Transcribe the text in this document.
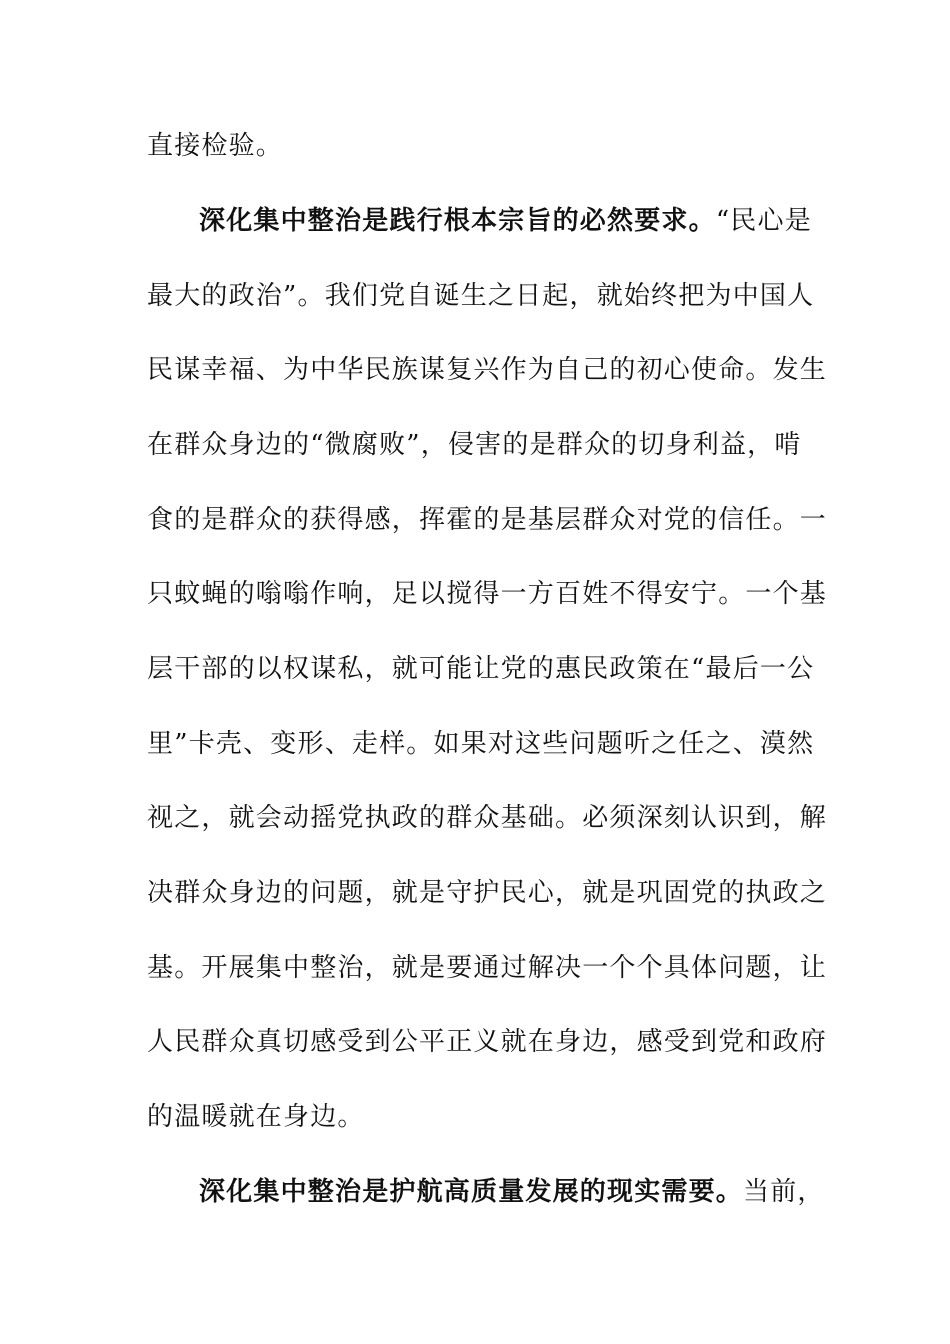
直接检验。
深化集中整治是践行根本宗旨的必然要求。“民心是
最大的政治”。我们党自诞生之日起，就始终把为中国人
民谋幸福、为中华民族谋复兴作为自己的初心使命。发生
在群众身边的“微腐败”，侵害的是群众的切身利益，啃
食的是群众的获得感，挥霍的是基层群众对党的信任。一
只蚊蝇的嗡嗡作响，足以搅得一方百姓不得安宁。一个基
层干部的以权谋私，就可能让党的惠民政策在“最后一公
里”卡壳、变形、走样。如果对这些问题听之任之、漠然
视之，就会动摇党执政的群众基础。必须深刻认识到，解
决群众身边的问题，就是守护民心，就是巩固党的执政之
基。开展集中整治，就是要通过解决一个个具体问题，让
人民群众真切感受到公平正义就在身边，感受到党和政府
的温暖就在身边。
深化集中整治是护航高质量发展的现实需要。当前，
